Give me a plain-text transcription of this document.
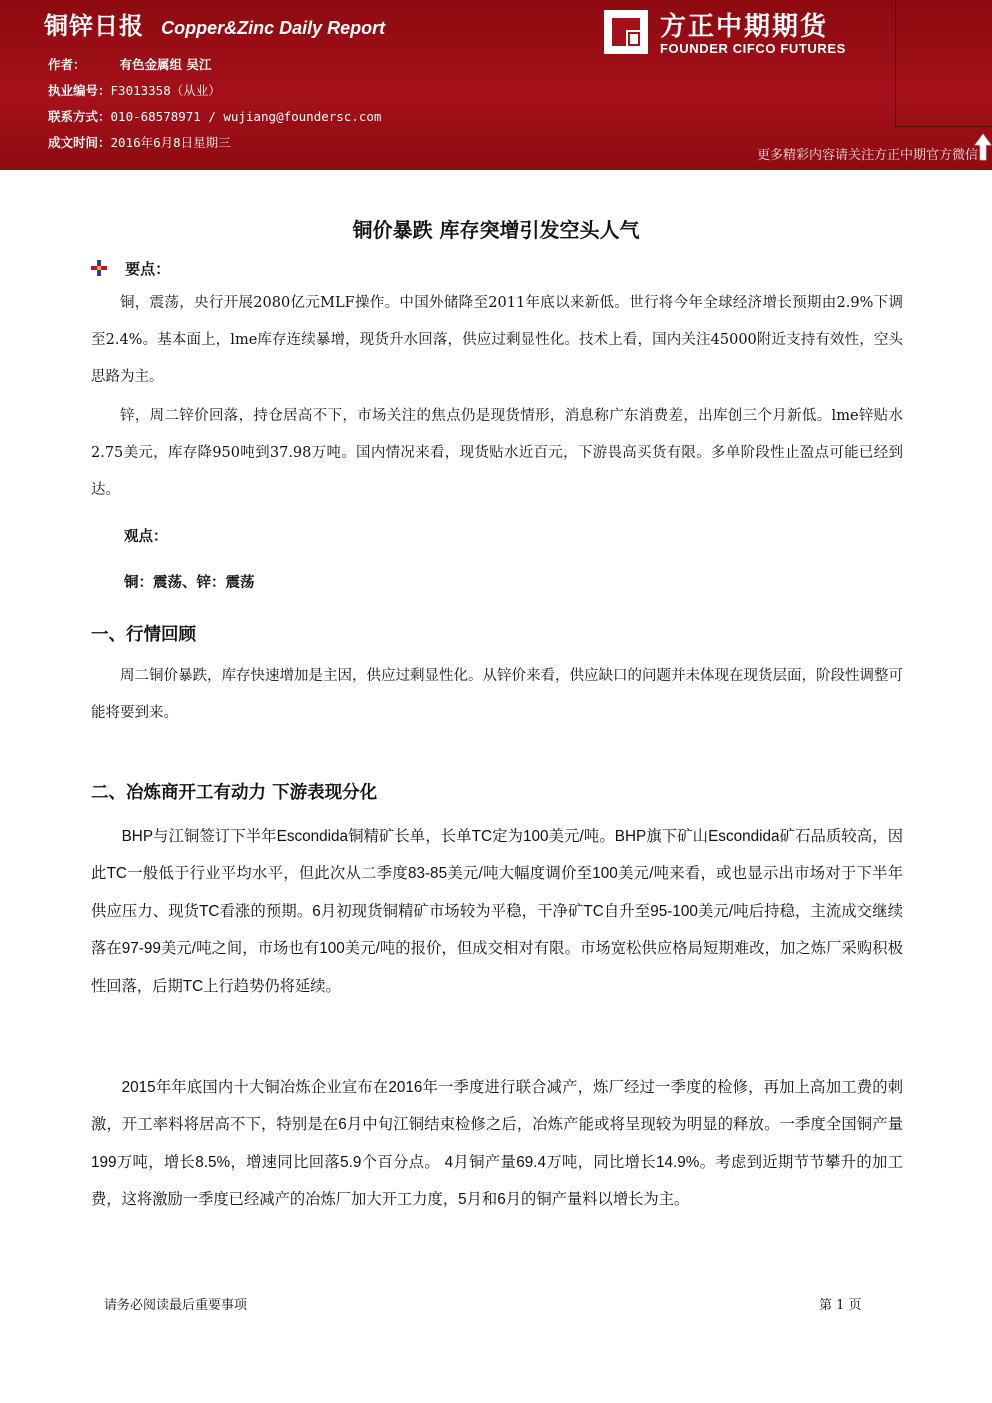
铜锌日报 Copper&Zinc Daily Report
作者：	有色金属组 吴江
执业编号：F3013358（从业）
联系方式：010-68578971 / wujiang@foundersc.com
成文时间：2016年6月8日星期三
方正中期期货
FOUNDER CIFCO FUTURES
更多精彩内容请关注方正中期官方微信
铜价暴跌 库存突增引发空头人气
要点：

铜，震荡，央行开展2080亿元MLF操作。中国外储降至2011年底以来新低。世行将今年全球经济增长预期由2.9%下调至2.4%。基本面上，lme库存连续暴增，现货升水回落，供应过剩显性化。技术上看，国内关注45000附近支持有效性，空头思路为主。

锌，周二锌价回落，持仓居高不下，市场关注的焦点仍是现货情形，消息称广东消费差，出库创三个月新低。lme锌贴水2.75美元，库存降950吨到37.98万吨。国内情况来看，现货贴水近百元，下游畏高买货有限。多单阶段性止盈点可能已经到达。

观点：
铜：震荡、锌：震荡
一、行情回顾

周二铜价暴跌，库存快速增加是主因，供应过剩显性化。从锌价来看，供应缺口的问题并未体现在现货层面，阶段性调整可能将要到来。

二、冶炼商开工有动力 下游表现分化

BHP与江铜签订下半年Escondida铜精矿长单，长单TC定为100美元/吨。BHP旗下矿山Escondida矿石品质较高，因此TC一般低于行业平均水平，但此次从二季度83-85美元/吨大幅度调价至100美元/吨来看，或也显示出市场对于下半年供应压力、现货TC看涨的预期。6月初现货铜精矿市场较为平稳，干净矿TC自升至95-100美元/吨后持稳，主流成交继续落在97-99美元/吨之间，市场也有100美元/吨的报价，但成交相对有限。市场宽松供应格局短期难改，加之炼厂采购积极性回落，后期TC上行趋势仍将延续。

2015年年底国内十大铜冶炼企业宣布在2016年一季度进行联合减产，炼厂经过一季度的检修，再加上高加工费的刺激，开工率料将居高不下，特别是在6月中旬江铜结束检修之后，冶炼产能或将呈现较为明显的释放。一季度全国铜产量199万吨，增长8.5%，增速同比回落5.9个百分点。 4月铜产量69.4万吨，同比增长14.9%。考虑到近期节节攀升的加工费，这将激励一季度已经减产的冶炼厂加大开工力度，5月和6月的铜产量料以增长为主。

请务必阅读最后重要事项	第 1 页
